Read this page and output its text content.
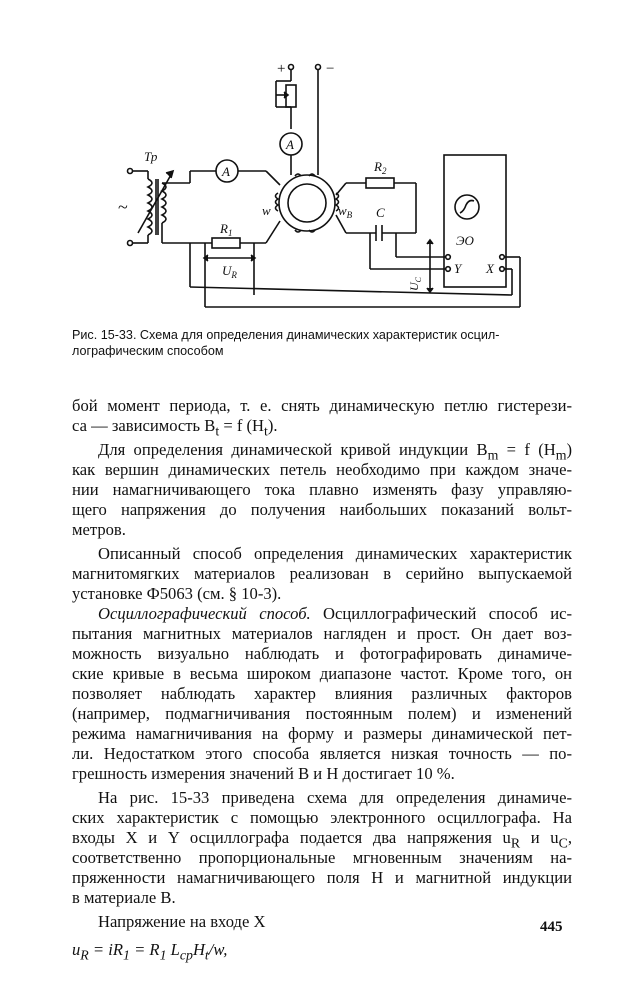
+	−
A
w	$w_B$
~
Тр
A
$R_1$
$U_R$
$R_2$
C
ЭО
Y X
$U_C$
Рис. 15-33. Схема для определения динамических характеристик осцил-
лографическим способом
бой момент периода, т. е. снять динамическую петлю гистерези-
са — зависимость $B_t = f$ $(H_t)$.
Для определения динамической кривой индукции $B_m = f$ $(H_m)$
как вершин динамических петель необходимо при каждом значе-
нии намагничивающего тока плавно изменять фазу управляю-
щего напряжения до получения наибольших показаний вольт-
метров.
Описанный способ определения динамических характеристик
магнитомягких материалов реализован в серийно выпускаемой
установке Ф5063 (см. § 10-3).
Осциллографический способ. Осциллографический способ ис-
пытания магнитных материалов нагляден и прост. Он дает воз-
можность визуально наблюдать и фотографировать динамиче-
ские кривые в весьма широком диапазоне частот. Кроме того, он
позволяет наблюдать характер влияния различных факторов
(например, подмагничивания постоянным полем) и изменений
режима намагничивания на форму и размеры динамической пет-
ли. Недостатком этого способа является низкая точность — по-
грешность измерения значений B и H достигает 10 %.
На рис. 15-33 приведена схема для определения динамиче-
ских характеристик с помощью электронного осциллографа. На
входы X и Y осциллографа подается два напряжения $u_R$ и $u_C$,
соответственно пропорциональные мгновенным значениям на-
пряженности намагничивающего поля H и магнитной индукции
в материале B.
Напряжение на входе X
$u_R = iR_1 = R_1$ $L_{ср}H_t/w$,
445
